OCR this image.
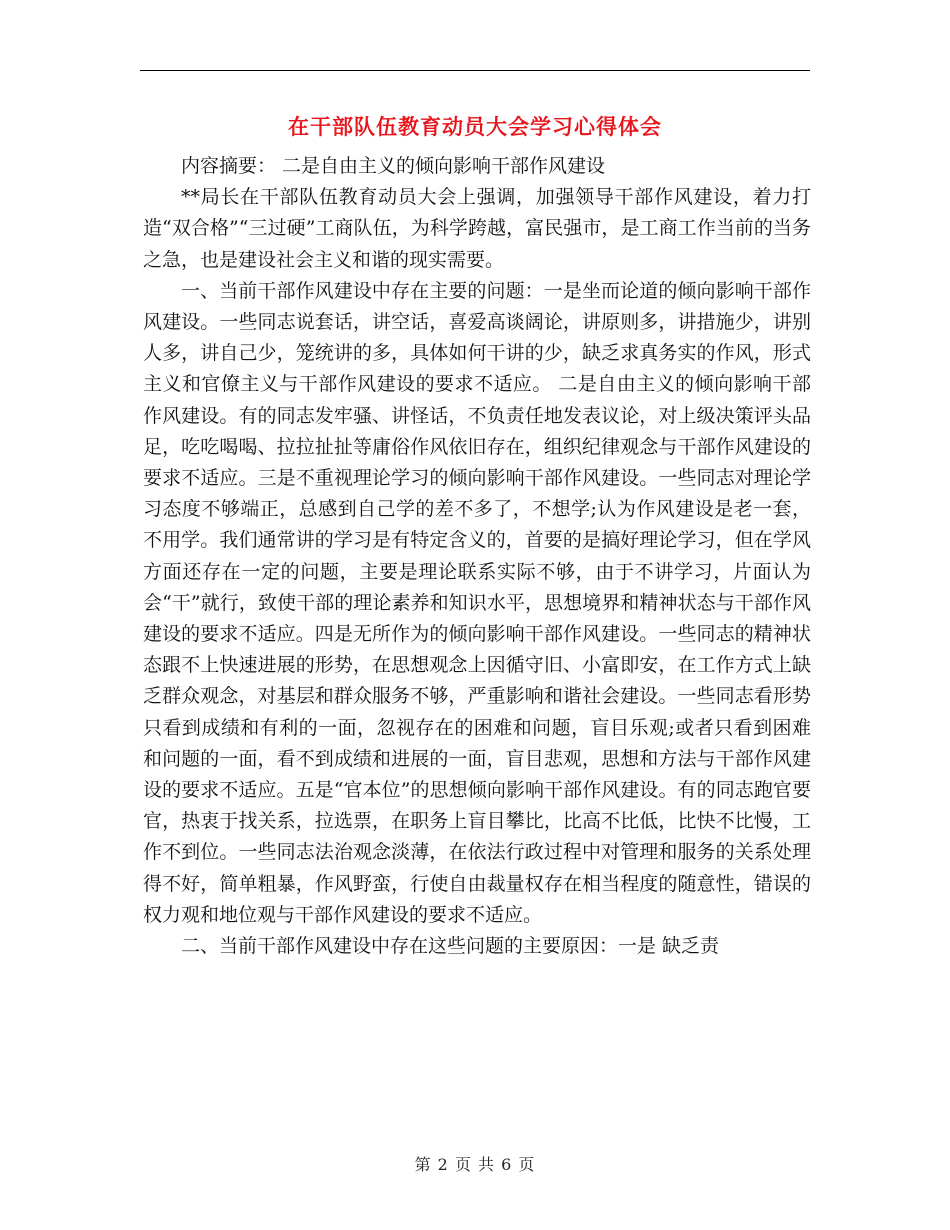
在干部队伍教育动员大会学习心得体会

内容摘要： 二是自由主义的倾向影响干部作风建设

**局长在干部队伍教育动员大会上强调，加强领导干部作风建设，着力打造“双合格”“三过硬”工商队伍，为科学跨越，富民强市，是工商工作当前的当务之急，也是建设社会主义和谐的现实需要。

一、当前干部作风建设中存在主要的问题：一是坐而论道的倾向影响干部作风建设。一些同志说套话，讲空话，喜爱高谈阔论，讲原则多，讲措施少，讲别人多，讲自己少，笼统讲的多，具体如何干讲的少，缺乏求真务实的作风，形式主义和官僚主义与干部作风建设的要求不适应。 二是自由主义的倾向影响干部作风建设。有的同志发牢骚、讲怪话，不负责任地发表议论，对上级决策评头品足，吃吃喝喝、拉拉扯扯等庸俗作风依旧存在，组织纪律观念与干部作风建设的要求不适应。三是不重视理论学习的倾向影响干部作风建设。一些同志对理论学习态度不够端正，总感到自己学的差不多了，不想学;认为作风建设是老一套，不用学。我们通常讲的学习是有特定含义的，首要的是搞好理论学习，但在学风方面还存在一定的问题，主要是理论联系实际不够，由于不讲学习，片面认为会“干”就行，致使干部的理论素养和知识水平，思想境界和精神状态与干部作风建设的要求不适应。四是无所作为的倾向影响干部作风建设。一些同志的精神状态跟不上快速进展的形势，在思想观念上因循守旧、小富即安，在工作方式上缺乏群众观念，对基层和群众服务不够，严重影响和谐社会建设。一些同志看形势只看到成绩和有利的一面，忽视存在的困难和问题，盲目乐观;或者只看到困难和问题的一面，看不到成绩和进展的一面，盲目悲观，思想和方法与干部作风建设的要求不适应。五是“官本位”的思想倾向影响干部作风建设。有的同志跑官要官，热衷于找关系，拉选票，在职务上盲目攀比，比高不比低，比快不比慢，工作不到位。一些同志法治观念淡薄，在依法行政过程中对管理和服务的关系处理得不好，简单粗暴，作风野蛮，行使自由裁量权存在相当程度的随意性，错误的权力观和地位观与干部作风建设的要求不适应。

二、当前干部作风建设中存在这些问题的主要原因：一是 缺乏责

第 2 页 共 6 页
